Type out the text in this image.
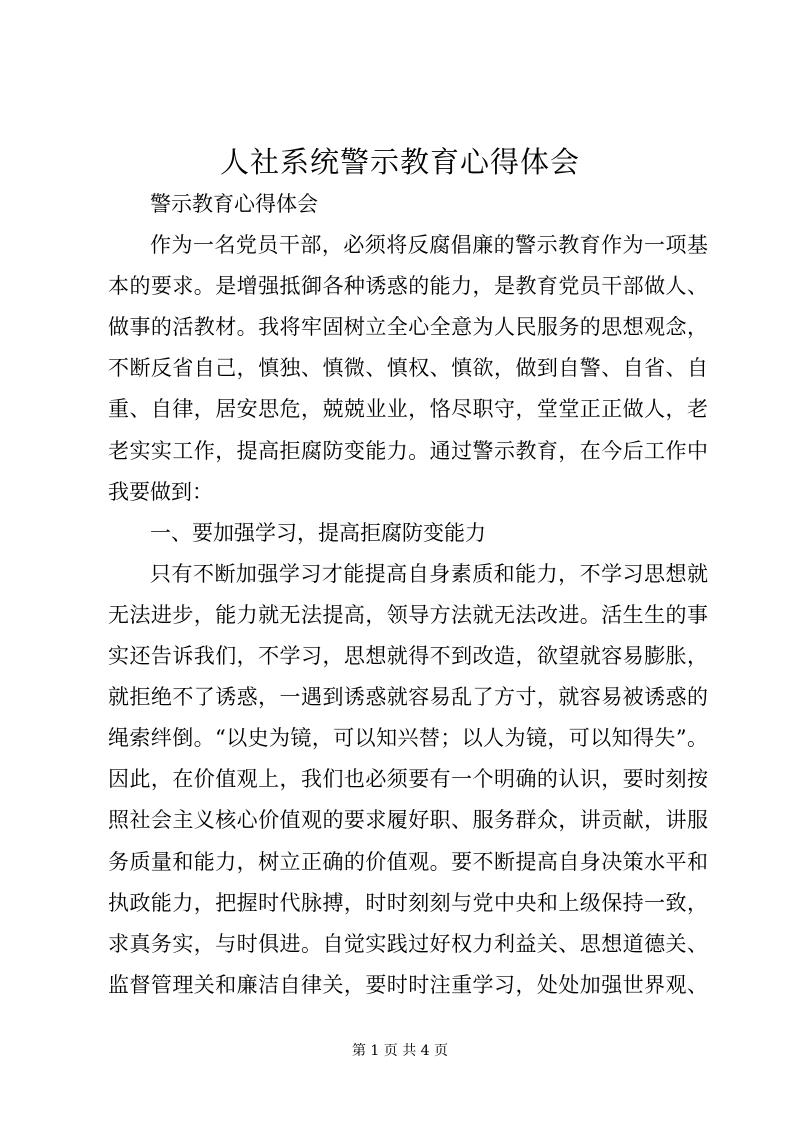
人社系统警示教育心得体会
警示教育心得体会
作为一名党员干部，必须将反腐倡廉的警示教育作为一项基
本的要求。是增强抵御各种诱惑的能力，是教育党员干部做人、
做事的活教材。我将牢固树立全心全意为人民服务的思想观念，
不断反省自己，慎独、慎微、慎权、慎欲，做到自警、自省、自
重、自律，居安思危，兢兢业业，恪尽职守，堂堂正正做人，老
老实实工作，提高拒腐防变能力。通过警示教育，在今后工作中
我要做到：
一、要加强学习，提高拒腐防变能力
只有不断加强学习才能提高自身素质和能力，不学习思想就
无法进步，能力就无法提高，领导方法就无法改进。活生生的事
实还告诉我们，不学习，思想就得不到改造，欲望就容易膨胀，
就拒绝不了诱惑，一遇到诱惑就容易乱了方寸，就容易被诱惑的
绳索绊倒。“以史为镜，可以知兴替；以人为镜，可以知得失”。
因此，在价值观上，我们也必须要有一个明确的认识，要时刻按
照社会主义核心价值观的要求履好职、服务群众，讲贡献，讲服
务质量和能力，树立正确的价值观。要不断提高自身决策水平和
执政能力，把握时代脉搏，时时刻刻与党中央和上级保持一致，
求真务实，与时俱进。自觉实践过好权力利益关、思想道德关、
监督管理关和廉洁自律关，要时时注重学习，处处加强世界观、
第 1 页 共 4 页
